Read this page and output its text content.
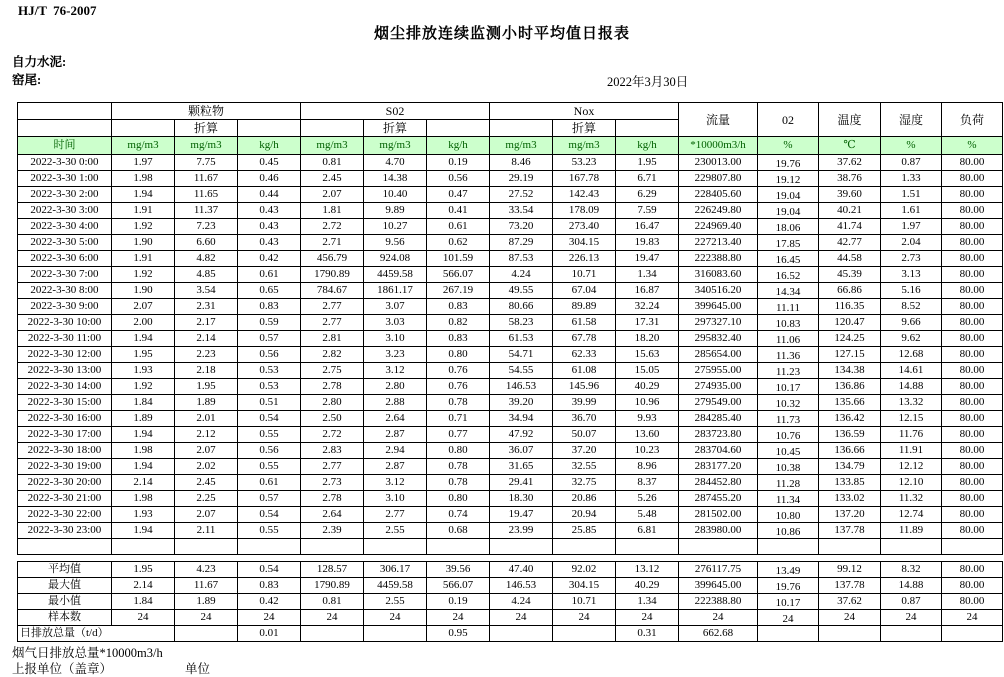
HJ/T  76-2007
烟尘排放连续监测小时平均值日报表
自力水泥:
窑尾:	2022年3月30日
	颗粒物			S02			Nox			流量	02	温度	湿度	负荷
		折算			折算			折算						
时间	mg/m3	mg/m3	kg/h	mg/m3	mg/m3	kg/h	mg/m3	mg/m3	kg/h	*10000m3/h	%	℃	%	%
2022-3-30 0:00	1.97	7.75	0.45	0.81	4.70	0.19	8.46	53.23	1.95	230013.00	19.76	37.62	0.87	80.00
2022-3-30 1:00	1.98	11.67	0.46	2.45	14.38	0.56	29.19	167.78	6.71	229807.80	19.12	38.76	1.33	80.00
2022-3-30 2:00	1.94	11.65	0.44	2.07	10.40	0.47	27.52	142.43	6.29	228405.60	19.04	39.60	1.51	80.00
2022-3-30 3:00	1.91	11.37	0.43	1.81	9.89	0.41	33.54	178.09	7.59	226249.80	19.04	40.21	1.61	80.00
2022-3-30 4:00	1.92	7.23	0.43	2.72	10.27	0.61	73.20	273.40	16.47	224969.40	18.06	41.74	1.97	80.00
2022-3-30 5:00	1.90	6.60	0.43	2.71	9.56	0.62	87.29	304.15	19.83	227213.40	17.85	42.77	2.04	80.00
2022-3-30 6:00	1.91	4.82	0.42	456.79	924.08	101.59	87.53	226.13	19.47	222388.80	16.45	44.58	2.73	80.00
2022-3-30 7:00	1.92	4.85	0.61	1790.89	4459.58	566.07	4.24	10.71	1.34	316083.60	16.52	45.39	3.13	80.00
2022-3-30 8:00	1.90	3.54	0.65	784.67	1861.17	267.19	49.55	67.04	16.87	340516.20	14.34	66.86	5.16	80.00
2022-3-30 9:00	2.07	2.31	0.83	2.77	3.07	0.83	80.66	89.89	32.24	399645.00	11.11	116.35	8.52	80.00
2022-3-30 10:00	2.00	2.17	0.59	2.77	3.03	0.82	58.23	61.58	17.31	297327.10	10.83	120.47	9.66	80.00
2022-3-30 11:00	1.94	2.14	0.57	2.81	3.10	0.83	61.53	67.78	18.20	295832.40	11.06	124.25	9.62	80.00
2022-3-30 12:00	1.95	2.23	0.56	2.82	3.23	0.80	54.71	62.33	15.63	285654.00	11.36	127.15	12.68	80.00
2022-3-30 13:00	1.93	2.18	0.53	2.75	3.12	0.76	54.55	61.08	15.05	275955.00	11.23	134.38	14.61	80.00
2022-3-30 14:00	1.92	1.95	0.53	2.78	2.80	0.76	146.53	145.96	40.29	274935.00	10.17	136.86	14.88	80.00
2022-3-30 15:00	1.84	1.89	0.51	2.80	2.88	0.78	39.20	39.99	10.96	279549.00	10.32	135.66	13.32	80.00
2022-3-30 16:00	1.89	2.01	0.54	2.50	2.64	0.71	34.94	36.70	9.93	284285.40	11.73	136.42	12.15	80.00
2022-3-30 17:00	1.94	2.12	0.55	2.72	2.87	0.77	47.92	50.07	13.60	283723.80	10.76	136.59	11.76	80.00
2022-3-30 18:00	1.98	2.07	0.56	2.83	2.94	0.80	36.07	37.20	10.23	283704.60	10.45	136.66	11.91	80.00
2022-3-30 19:00	1.94	2.02	0.55	2.77	2.87	0.78	31.65	32.55	8.96	283177.20	10.38	134.79	12.12	80.00
2022-3-30 20:00	2.14	2.45	0.61	2.73	3.12	0.78	29.41	32.75	8.37	284452.80	11.28	133.85	12.10	80.00
2022-3-30 21:00	1.98	2.25	0.57	2.78	3.10	0.80	18.30	20.86	5.26	287455.20	11.34	133.02	11.32	80.00
2022-3-30 22:00	1.93	2.07	0.54	2.64	2.77	0.74	19.47	20.94	5.48	281502.00	10.80	137.20	12.74	80.00
2022-3-30 23:00	1.94	2.11	0.55	2.39	2.55	0.68	23.99	25.85	6.81	283980.00	10.86	137.78	11.89	80.00

平均值	1.95	4.23	0.54	128.57	306.17	39.56	47.40	92.02	13.12	276117.75	13.49	99.12	8.32	80.00
最大值	2.14	11.67	0.83	1790.89	4459.58	566.07	146.53	304.15	40.29	399645.00	19.76	137.78	14.88	80.00
最小值	1.84	1.89	0.42	0.81	2.55	0.19	4.24	10.71	1.34	222388.80	10.17	37.62	0.87	80.00
样本数	24	24	24	24	24	24	24	24	24	24	24	24	24	24
日排放总量（t/d）			0.01			0.95			0.31	662.68				
烟气日排放总量*10000m3/h
上报单位（盖章）	单位
